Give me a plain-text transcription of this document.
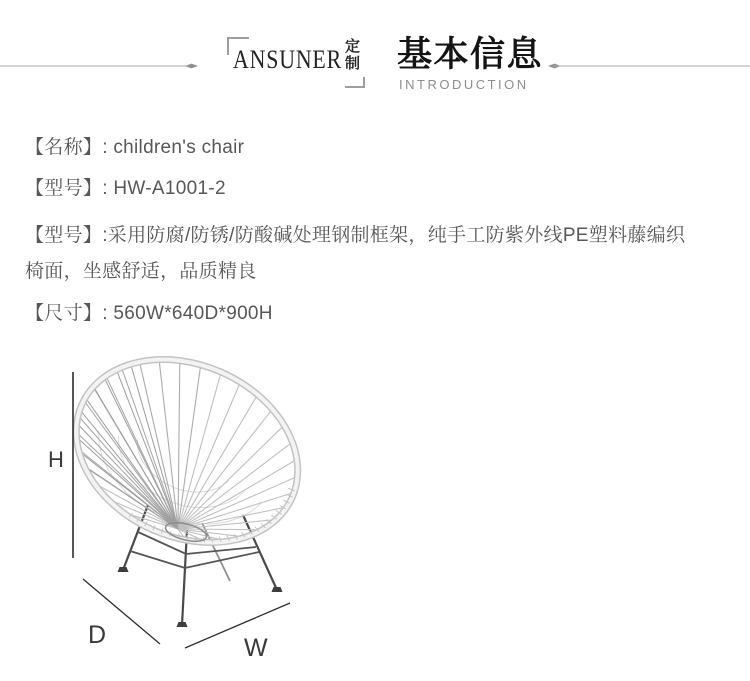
ANSUNER 定制 基本信息
INTRODUCTION
【名称】: children's chair
【型号】: HW-A1001-2
【型号】:采用防腐/防锈/防酸碱处理钢制框架，纯手工防紫外线PE塑料藤编织
椅面，坐感舒适，品质精良
【尺寸】: 560W*640D*900H
H
D	W
